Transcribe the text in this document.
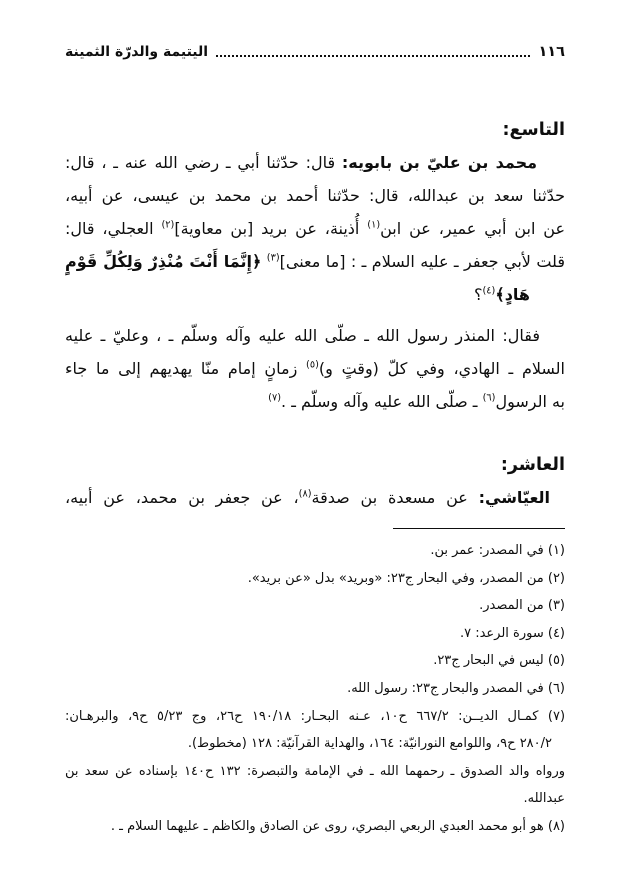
١١٦
اليتيمة والدرّة الثمينة
التاسع:
محمد بن عليّ بن بابويه: قال: حدّثنا أبي ـ رضي الله عنه ـ ، قال:
حدّثنا سعد بن عبدالله، قال: حدّثنا أحمد بن محمد بن عيسى، عن أبيه،
عن ابن أبي عمير، عن ابن$^{(١)}$ أُذينة، عن بريد [بن معاوية]$^{(٢)}$ العجلي، قال:
قلت لأبي جعفر ـ عليه السلام ـ : [ما معنى]$^{(٣)}$ ﴿إِنَّمَا أَنْتَ مُنْذِرٌ وَلِكُلِّ قَوْمٍ
هَادٍ﴾$^{(٤)}$؟
فقال: المنذر رسول الله ـ صلّى الله عليه وآله وسلّم ـ ، وعليّ ـ عليه
السلام ـ الهادي، وفي كلّ (وقتٍ و)$^{(٥)}$ زمانٍ إمام منّا يهديهم إلى ما جاء
به الرسول$^{(٦)}$ ـ صلّى الله عليه وآله وسلّم ـ .$^{(٧)}$
العاشر:
العيّاشي: عن مسعدة بن صدقة$^{(٨)}$، عن جعفر بن محمد، عن أبيه،
(١) في المصدر: عمر بن.
(٢) من المصدر، وفي البحار ج٢٣: «وبريد» بدل «عن بريد».
(٣) من المصدر.
(٤) سورة الرعد: ٧.
(٥) ليس في البحار ج٢٣.
(٦) في المصدر والبحار ج٢٣: رسول الله.
(٧) كمـال الديــن: ٦٦٧/٢ ح١٠، عـنه البحـار: ١٩٠/١٨ ح٢٦، وج ٥/٢٣ ح٩، والبرهـان:
٢٨٠/٢ ح٩، واللوامع النورانيّة: ١٦٤، والهداية القرآنيّة: ١٢٨ (مخطوط).
ورواه والد الصدوق ـ رحمهما الله ـ في الإمامة والتبصرة: ١٣٢ ح١٤٠ بإسناده عن سعد بن
عبدالله.
(٨) هو أبو محمد العبدي الربعي البصري، روى عن الصادق والكاظم ـ عليهما السلام ـ .
